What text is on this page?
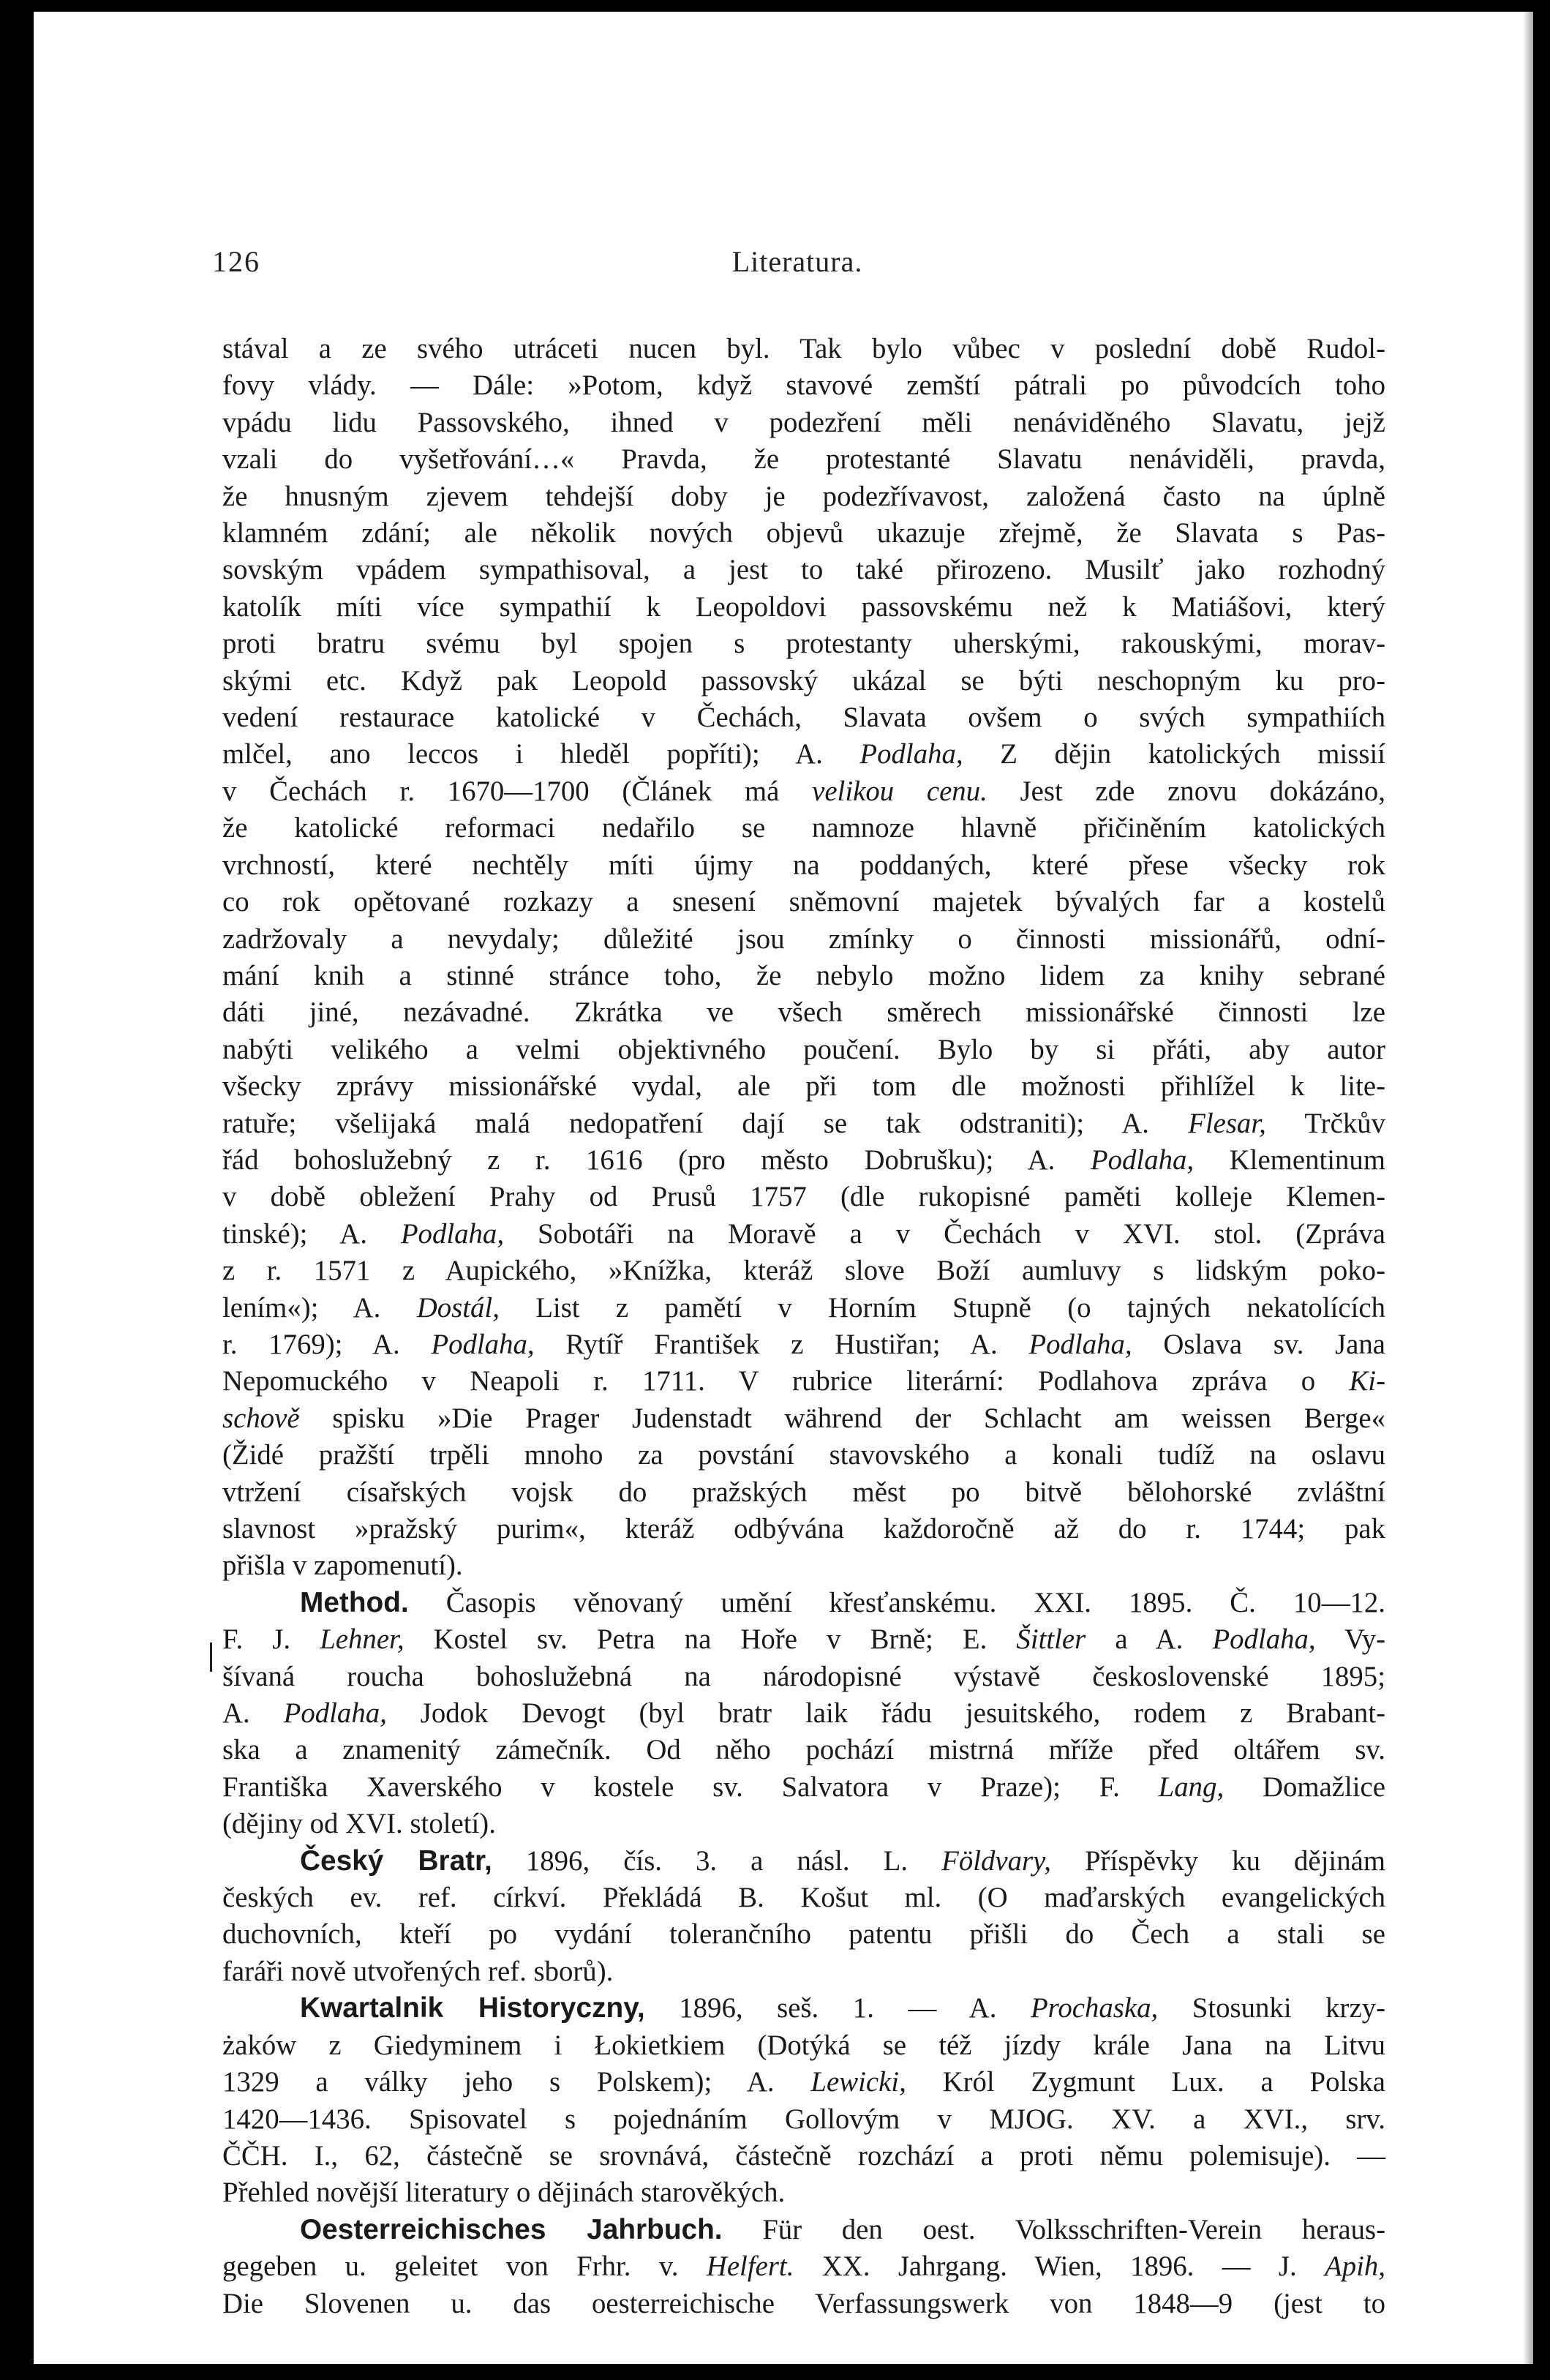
126	Literatura.

stával a ze svého utráceti nucen byl. Tak bylo vůbec v poslední době Rudol-
fovy vlády. — Dále: »Potom, když stavové zemští pátrali po původcích toho
vpádu lidu Passovského, ihned v podezření měli nenáviděného Slavatu, jejž
vzali do vyšetřování…« Pravda, že protestanté Slavatu nenáviděli, pravda,
že hnusným zjevem tehdejší doby je podezřívavost, založená často na úplně
klamném zdání; ale několik nových objevů ukazuje zřejmě, že Slavata s Pas-
sovským vpádem sympathisoval, a jest to také přirozeno. Musilť jako rozhodný
katolík míti více sympathií k Leopoldovi passovskému než k Matiášovi, který
proti bratru svému byl spojen s protestanty uherskými, rakouskými, morav-
skými etc. Když pak Leopold passovský ukázal se býti neschopným ku pro-
vedení restaurace katolické v Čechách, Slavata ovšem o svých sympathiích
mlčel, ano leccos i hleděl popříti); A. Podlaha, Z dějin katolických missií
v Čechách r. 1670—1700 (Článek má velikou cenu. Jest zde znovu dokázáno,
že katolické reformaci nedařilo se namnoze hlavně přičiněním katolických
vrchností, které nechtěly míti újmy na poddaných, které přese všecky rok
co rok opětované rozkazy a snesení sněmovní majetek bývalých far a kostelů
zadržovaly a nevydaly; důležité jsou zmínky o činnosti missionářů, odní-
mání knih a stinné stránce toho, že nebylo možno lidem za knihy sebrané
dáti jiné, nezávadné. Zkrátka ve všech směrech missionářské činnosti lze
nabýti velikého a velmi objektivného poučení. Bylo by si přáti, aby autor
všecky zprávy missionářské vydal, ale při tom dle možnosti přihlížel k lite-
ratuře; všelijaká malá nedopatření dají se tak odstraniti); A. Flesar, Trčkův
řád bohoslužebný z r. 1616 (pro město Dobrušku); A. Podlaha, Klementinum
v době obležení Prahy od Prusů 1757 (dle rukopisné paměti kolleje Klemen-
tinské); A. Podlaha, Sobotáři na Moravě a v Čechách v XVI. stol. (Zpráva
z r. 1571 z Aupického, »Knížka, kteráž slove Boží aumluvy s lidským poko-
lením«); A. Dostál, List z pamětí v Horním Stupně (o tajných nekatolících
r. 1769); A. Podlaha, Rytíř František z Hustiřan; A. Podlaha, Oslava sv. Jana
Nepomuckého v Neapoli r. 1711. V rubrice literární: Podlahova zpráva o Ki-
schově spisku »Die Prager Judenstadt während der Schlacht am weissen Berge«
(Židé pražští trpěli mnoho za povstání stavovského a konali tudíž na oslavu
vtržení císařských vojsk do pražských měst po bitvě bělohorské zvláštní
slavnost »pražský purim«, kteráž odbývána každoročně až do r. 1744; pak
přišla v zapomenutí).

Method. Časopis věnovaný umění křesťanskému. XXI. 1895. Č. 10—12.
F. J. Lehner, Kostel sv. Petra na Hoře v Brně; E. Šittler a A. Podlaha, Vy-
šívaná roucha bohoslužebná na národopisné výstavě československé 1895;
A. Podlaha, Jodok Devogt (byl bratr laik řádu jesuitského, rodem z Brabant-
ska a znamenitý zámečník. Od něho pochází mistrná mříže před oltářem sv.
Františka Xaverského v kostele sv. Salvatora v Praze); F. Lang, Domažlice
(dějiny od XVI. století).

Český Bratr, 1896, čís. 3. a násl. L. Földvary, Příspěvky ku dějinám
českých ev. ref. církví. Překládá B. Košut ml. (O maďarských evangelických
duchovních, kteří po vydání tolerančního patentu přišli do Čech a stali se
faráři nově utvořených ref. sborů).

Kwartalnik Historyczny, 1896, seš. 1. — A. Prochaska, Stosunki krzy-
żaków z Giedyminem i Łokietkiem (Dotýká se též jízdy krále Jana na Litvu
1329 a války jeho s Polskem); A. Lewicki, Król Zygmunt Lux. a Polska
1420—1436. Spisovatel s pojednáním Gollovým v MJOG. XV. a XVI., srv.
ČČH. I., 62, částečně se srovnává, částečně rozchází a proti němu polemisuje). —
Přehled novější literatury o dějinách starověkých.

Oesterreichisches Jahrbuch. Für den oest. Volksschriften-Verein heraus-
gegeben u. geleitet von Frhr. v. Helfert. XX. Jahrgang. Wien, 1896. — J. Apih,
Die Slovenen u. das oesterreichische Verfassungswerk von 1848—9 (jest to
